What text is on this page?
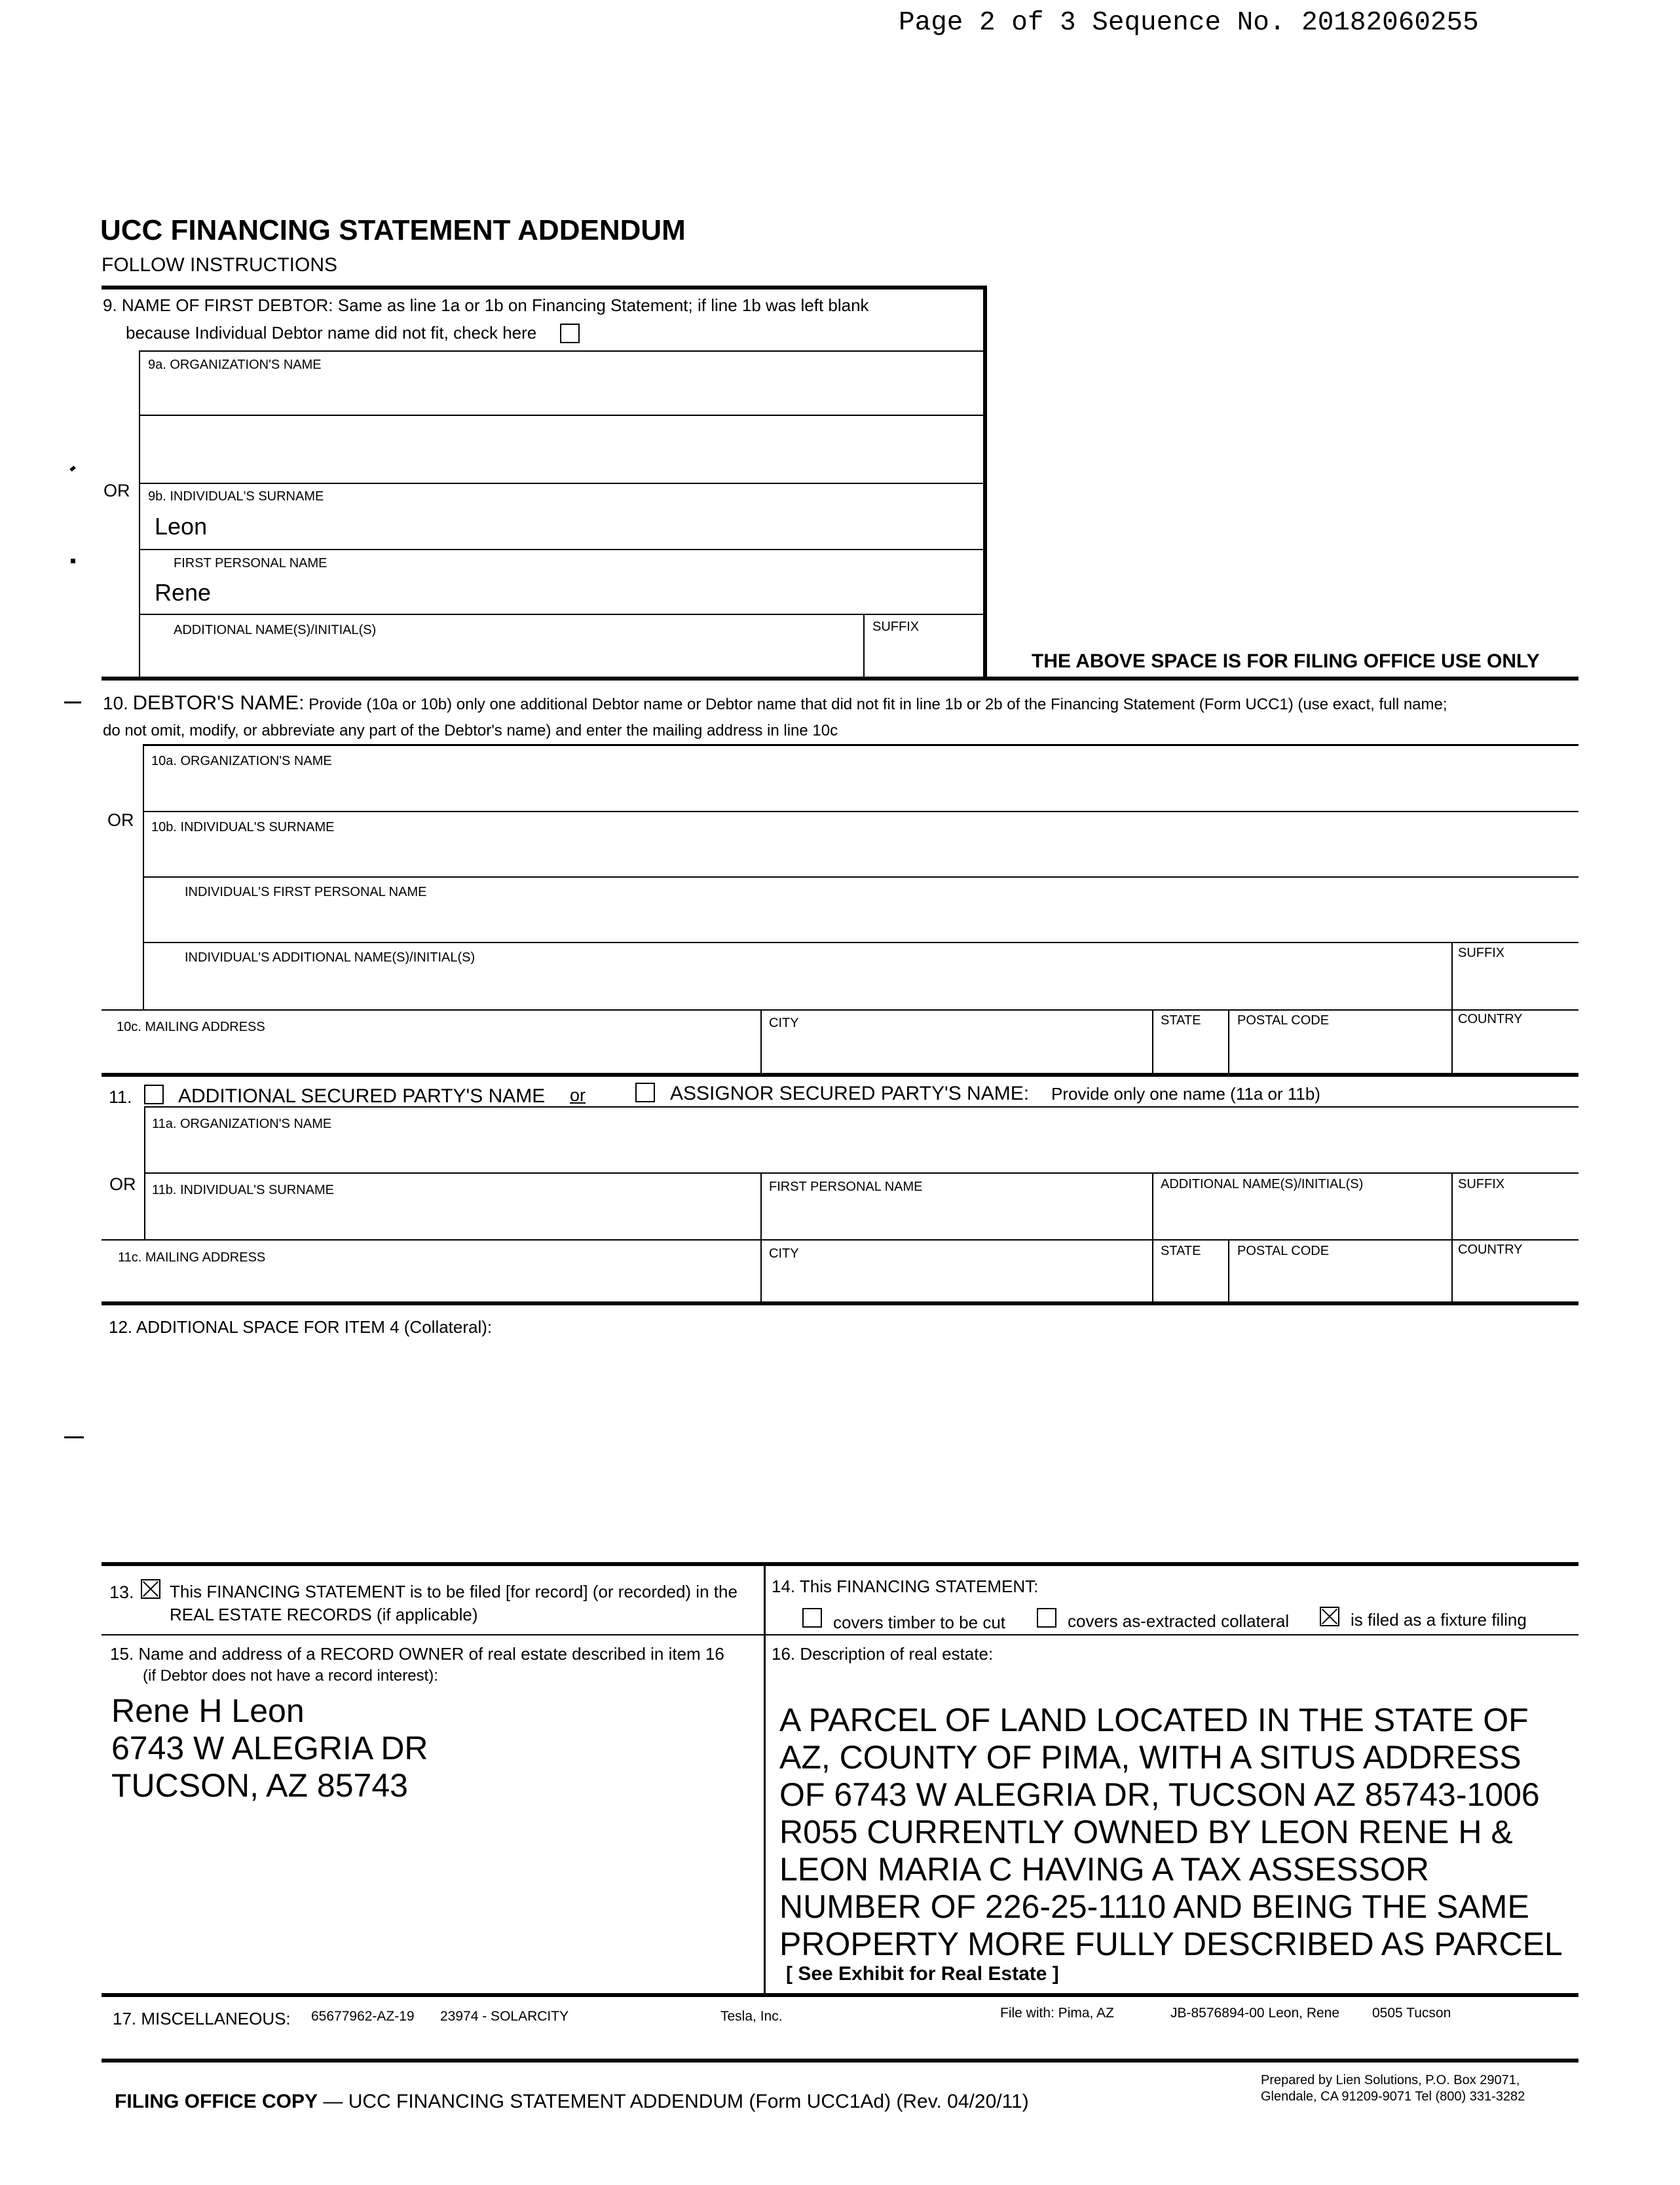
Page 2 of 3 Sequence No. 20182060255
UCC FINANCING STATEMENT ADDENDUM
FOLLOW INSTRUCTIONS
9. NAME OF FIRST DEBTOR: Same as line 1a or 1b on Financing Statement; if line 1b was left blank
because Individual Debtor name did not fit, check here
9a. ORGANIZATION'S NAME
OR 9b. INDIVIDUAL'S SURNAME
Leon
FIRST PERSONAL NAME
Rene
ADDITIONAL NAME(S)/INITIAL(S)	SUFFIX
THE ABOVE SPACE IS FOR FILING OFFICE USE ONLY
10. DEBTOR'S NAME: Provide (10a or 10b) only one additional Debtor name or Debtor name that did not fit in line 1b or 2b of the Financing Statement (Form UCC1) (use exact, full name;
do not omit, modify, or abbreviate any part of the Debtor's name) and enter the mailing address in line 10c
10a. ORGANIZATION'S NAME
OR 10b. INDIVIDUAL'S SURNAME
INDIVIDUAL'S FIRST PERSONAL NAME
INDIVIDUAL'S ADDITIONAL NAME(S)/INITIAL(S)	SUFFIX
10c. MAILING ADDRESS	CITY	STATE	POSTAL CODE	COUNTRY
11. ADDITIONAL SECURED PARTY'S NAME or	ASSIGNOR SECURED PARTY'S NAME: Provide only one name (11a or 11b)
11a. ORGANIZATION'S NAME
OR 11b. INDIVIDUAL'S SURNAME	FIRST PERSONAL NAME	ADDITIONAL NAME(S)/INITIAL(S)	SUFFIX
11c. MAILING ADDRESS	CITY	STATE	POSTAL CODE	COUNTRY
12. ADDITIONAL SPACE FOR ITEM 4 (Collateral):
13. This FINANCING STATEMENT is to be filed [for record] (or recorded) in the
REAL ESTATE RECORDS (if applicable)
14. This FINANCING STATEMENT:
covers timber to be cut	covers as-extracted collateral	is filed as a fixture filing
15. Name and address of a RECORD OWNER of real estate described in item 16
(if Debtor does not have a record interest):
Rene H Leon
6743 W ALEGRIA DR
TUCSON, AZ 85743
16. Description of real estate:
A PARCEL OF LAND LOCATED IN THE STATE OF
AZ, COUNTY OF PIMA, WITH A SITUS ADDRESS
OF 6743 W ALEGRIA DR, TUCSON AZ 85743-1006
R055 CURRENTLY OWNED BY LEON RENE H &
LEON MARIA C HAVING A TAX ASSESSOR
NUMBER OF 226-25-1110 AND BEING THE SAME
PROPERTY MORE FULLY DESCRIBED AS PARCEL
[ See Exhibit for Real Estate ]
17. MISCELLANEOUS: 65677962-AZ-19 23974 - SOLARCITY	Tesla, Inc.	File with: Pima, AZ	JB-8576894-00 Leon, Rene 0505 Tucson
FILING OFFICE COPY — UCC FINANCING STATEMENT ADDENDUM (Form UCC1Ad) (Rev. 04/20/11)
Prepared by Lien Solutions, P.O. Box 29071,
Glendale, CA 91209-9071 Tel (800) 331-3282
